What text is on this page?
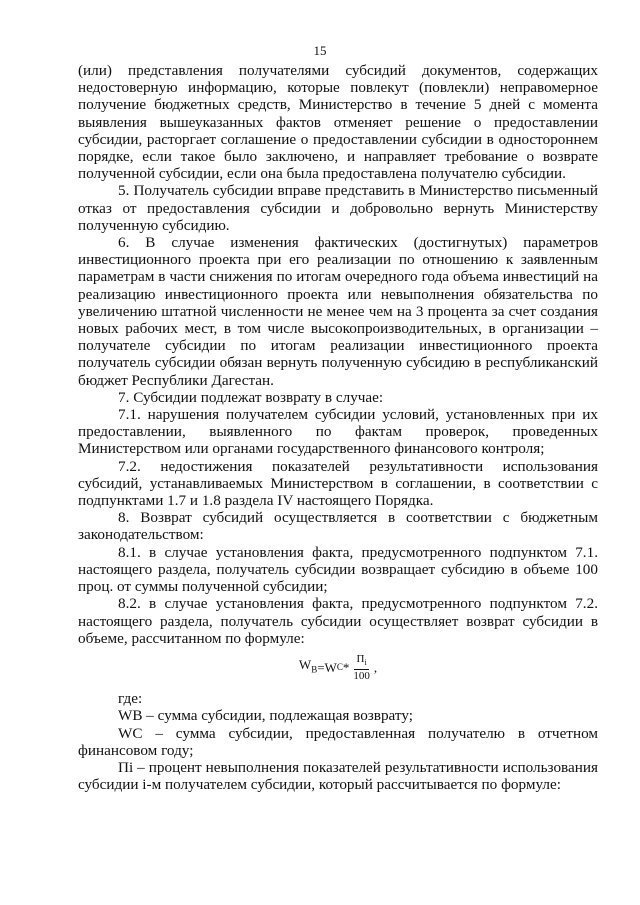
15

(или) представления получателями субсидий документов, содержащих недостоверную информацию, которые повлекут (повлекли) неправомерное получение бюджетных средств, Министерство в течение 5 дней с момента выявления вышеуказанных фактов отменяет решение о предоставлении субсидии, расторгает соглашение о предоставлении субсидии в одностороннем порядке, если такое было заключено, и направляет требование о возврате полученной субсидии, если она была предоставлена получателю субсидии.

5. Получатель субсидии вправе представить в Министерство письменный отказ от предоставления субсидии и добровольно вернуть Министерству полученную субсидию.

6. В случае изменения фактических (достигнутых) параметров инвестиционного проекта при его реализации по отношению к заявленным параметрам в части снижения по итогам очередного года объема инвестиций на реализацию инвестиционного проекта или невыполнения обязательства по увеличению штатной численности не менее чем на 3 процента за счет создания новых рабочих мест, в том числе высокопроизводительных, в организации – получателе субсидии по итогам реализации инвестиционного проекта получатель субсидии обязан вернуть полученную субсидию в республиканский бюджет Республики Дагестан.

7. Субсидии подлежат возврату в случае:

7.1. нарушения получателем субсидии условий, установленных при их предоставлении, выявленного по фактам проверок, проведенных Министерством или органами государственного финансового контроля;

7.2. недостижения показателей результативности использования субсидий, устанавливаемых Министерством в соглашении, в соответствии с подпунктами 1.7 и 1.8 раздела IV настоящего Порядка.

8. Возврат субсидий осуществляется в соответствии с бюджетным законодательством:

8.1. в случае установления факта, предусмотренного подпунктом 7.1. настоящего раздела, получатель субсидии возвращает субсидию в объеме 100 проц. от суммы полученной субсидии;

8.2. в случае установления факта, предусмотренного подпунктом 7.2. настоящего раздела, получатель субсидии осуществляет возврат субсидии в объеме, рассчитанном по формуле:

$W_B =W$ C * $\frac{П_i}{100}$ ,

где:

WB – сумма субсидии, подлежащая возврату;

WC – сумма субсидии, предоставленная получателю в отчетном финансовом году;

Пi – процент невыполнения показателей результативности использования субсидии i-м получателем субсидии, который рассчитывается по формуле:
